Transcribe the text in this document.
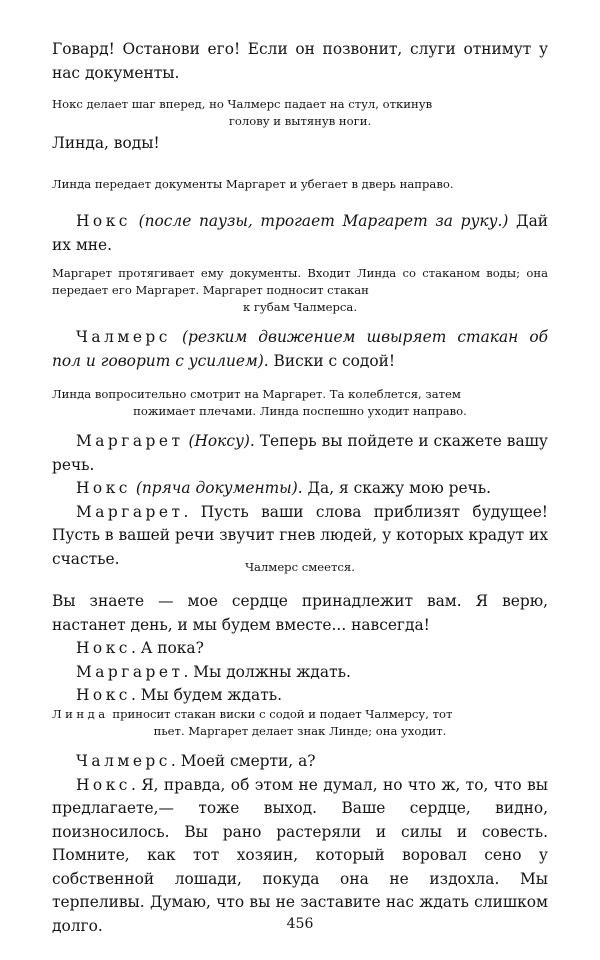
Говард! Останови его! Если он позвонит, слуги отнимут у нас документы.
Нокс делает шаг вперед, но Чалмерс падает на стул, откинув
голову и вытянув ноги.
Линда, воды!
Линда передает документы Маргарет и убегает в дверь направо.
Нокс (после паузы, трогает Маргарет за руку.) Дай их мне.
Маргарет протягивает ему документы. Входит Линда со стаканом воды; она передает его Маргарет. Маргарет подносит стакан
к губам Чалмерса.
Чалмерс (резким движением швыряет стакан об пол и говорит с усилием). Виски с содой!
Линда вопросительно смотрит на Маргарет. Та колеблется, затем
пожимает плечами. Линда поспешно уходит направо.
Маргарет (Ноксу). Теперь вы пойдете и скажете вашу речь.
Нокс (пряча документы). Да, я скажу мою речь.
Маргарет. Пусть ваши слова приблизят будущее! Пусть в вашей речи звучит гнев людей, у которых крадут их счастье.	Чалмерс смеется.
Вы знаете — мое сердце принадлежит вам. Я верю, настанет день, и мы будем вместе... навсегда!
Нокс. А пока?
Маргарет. Мы должны ждать.
Нокс. Мы будем ждать.
Линда приносит стакан виски с содой и подает Чалмерсу, тот
пьет. Маргарет делает знак Линде; она уходит.
Чалмерс. Моей смерти, а?
Нокс. Я, правда, об этом не думал, но что ж, то, что вы предлагаете,— тоже выход. Ваше сердце, видно, поизносилось. Вы рано растеряли и силы и совесть. Помните, как тот хозяин, который воровал сено у собственной лошади, покуда она не издохла. Мы терпеливы. Думаю, что вы не заставите нас ждать слишком долго.	456
